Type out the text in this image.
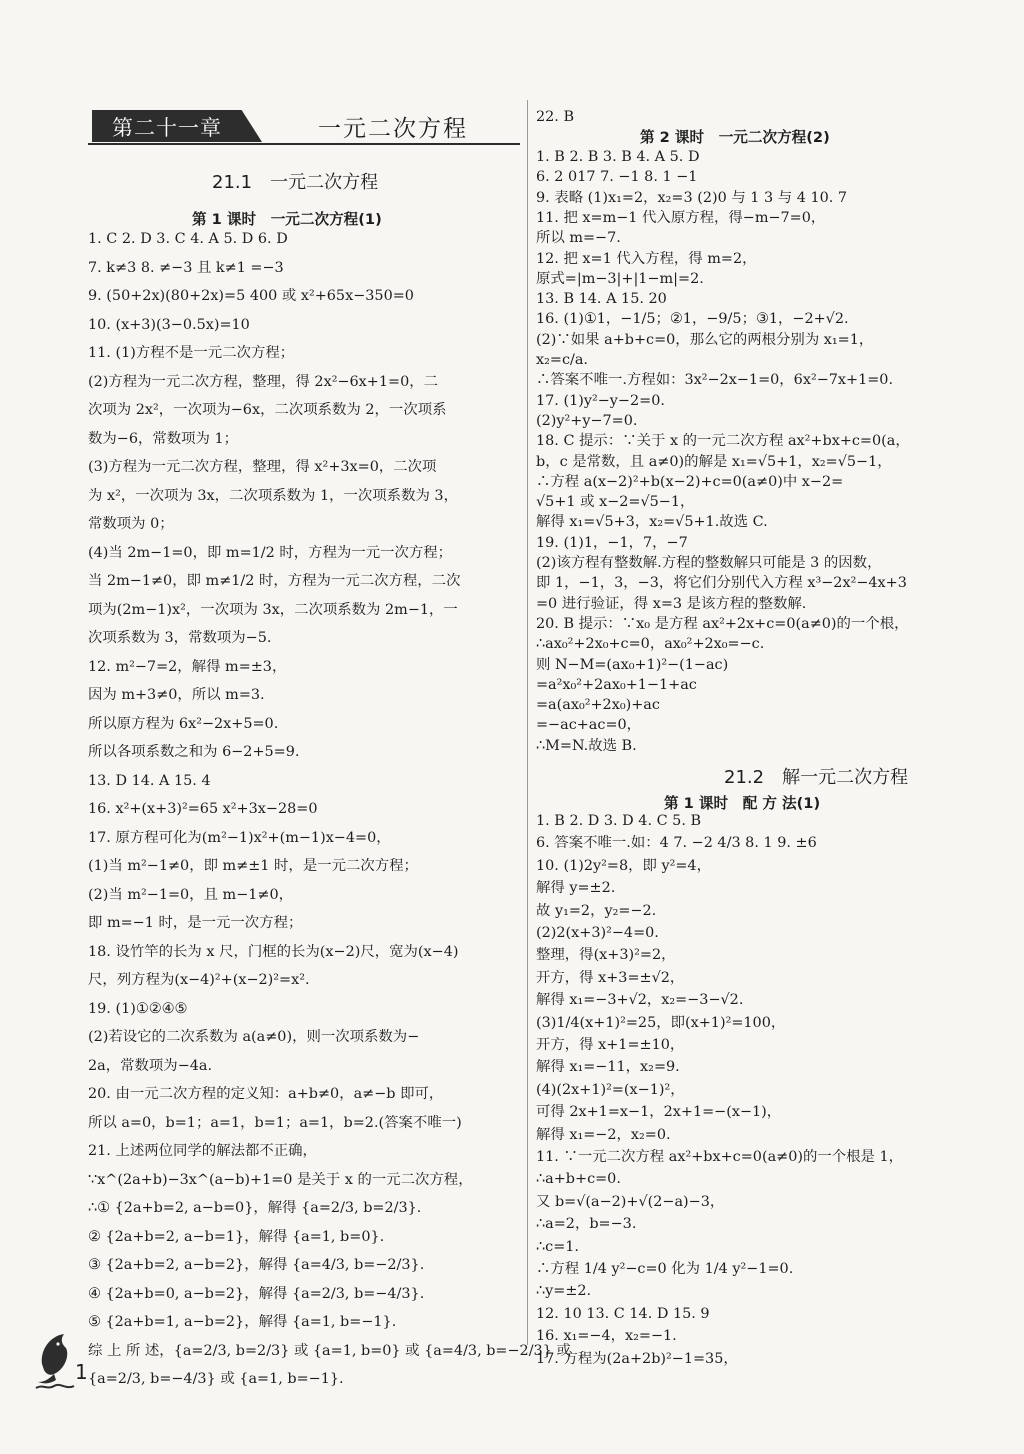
第二十一章	一元二次方程
21.1　一元二次方程
第 1 课时　一元二次方程(1)
1. C 2. D 3. C 4. A 5. D 6. D
7. k≠3 8. ≠−3 且 k≠1 =−3
9. (50+2x)(80+2x)=5 400 或 x²+65x−350=0
10. (x+3)(3−0.5x)=10
11. (1)方程不是一元二次方程；
(2)方程为一元二次方程，整理，得 2x²−6x+1=0，二
次项为 2x²，一次项为−6x，二次项系数为 2，一次项系
数为−6，常数项为 1；
(3)方程为一元二次方程，整理，得 x²+3x=0，二次项
为 x²，一次项为 3x，二次项系数为 1，一次项系数为 3，
常数项为 0；
(4)当 2m−1=0，即 m=1/2 时，方程为一元一次方程；
当 2m−1≠0，即 m≠1/2 时，方程为一元二次方程，二次
项为(2m−1)x²，一次项为 3x，二次项系数为 2m−1，一
次项系数为 3，常数项为−5.
12. m²−7=2，解得 m=±3，
因为 m+3≠0，所以 m=3.
所以原方程为 6x²−2x+5=0.
所以各项系数之和为 6−2+5=9.
13. D 14. A 15. 4
16. x²+(x+3)²=65 x²+3x−28=0
17. 原方程可化为(m²−1)x²+(m−1)x−4=0，
(1)当 m²−1≠0，即 m≠±1 时，是一元二次方程；
(2)当 m²−1=0，且 m−1≠0，
即 m=−1 时，是一元一次方程；
18. 设竹竿的长为 x 尺，门框的长为(x−2)尺，宽为(x−4)
尺，列方程为(x−4)²+(x−2)²=x².
19. (1)①②④⑤
(2)若设它的二次系数为 a(a≠0)，则一次项系数为−
2a，常数项为−4a.
20. 由一元二次方程的定义知：a+b≠0，a≠−b 即可，
所以 a=0，b=1；a=1，b=1；a=1，b=2.(答案不唯一)
21. 上述两位同学的解法都不正确，
∵x^(2a+b)−3x^(a−b)+1=0 是关于 x 的一元二次方程，
∴① {2a+b=2, a−b=0}，解得 {a=2/3, b=2/3}.
② {2a+b=2, a−b=1}，解得 {a=1, b=0}.
③ {2a+b=2, a−b=2}，解得 {a=4/3, b=−2/3}.
④ {2a+b=0, a−b=2}，解得 {a=2/3, b=−4/3}.
⑤ {2a+b=1, a−b=2}，解得 {a=1, b=−1}.
综 上 所 述，{a=2/3, b=2/3} 或 {a=1, b=0} 或 {a=4/3, b=−2/3} 或
{a=2/3, b=−4/3} 或 {a=1, b=−1}.
22. B
第 2 课时　一元二次方程(2)
1. B 2. B 3. B 4. A 5. D
6. 2 017 7. −1 8. 1 −1
9. 表略 (1)x₁=2，x₂=3 (2)0 与 1 3 与 4 10. 7
11. 把 x=m−1 代入原方程，得−m−7=0，
所以 m=−7.
12. 把 x=1 代入方程，得 m=2，
原式=|m−3|+|1−m|=2.
13. B 14. A 15. 20
16. (1)①1，−1/5；②1，−9/5；③1，−2+√2.
(2)∵如果 a+b+c=0，那么它的两根分别为 x₁=1，
x₂=c/a.
∴答案不唯一.方程如：3x²−2x−1=0，6x²−7x+1=0.
17. (1)y²−y−2=0.
(2)y²+y−7=0.
18. C 提示：∵关于 x 的一元二次方程 ax²+bx+c=0(a，
b，c 是常数，且 a≠0)的解是 x₁=√5+1，x₂=√5−1，
∴方程 a(x−2)²+b(x−2)+c=0(a≠0)中 x−2=
√5+1 或 x−2=√5−1，
解得 x₁=√5+3，x₂=√5+1.故选 C.
19. (1)1，−1，7，−7
(2)该方程有整数解.方程的整数解只可能是 3 的因数，
即 1，−1，3，−3，将它们分别代入方程 x³−2x²−4x+3
=0 进行验证，得 x=3 是该方程的整数解.
20. B 提示：∵x₀ 是方程 ax²+2x+c=0(a≠0)的一个根，
∴ax₀²+2x₀+c=0，ax₀²+2x₀=−c.
则 N−M=(ax₀+1)²−(1−ac)
=a²x₀²+2ax₀+1−1+ac
=a(ax₀²+2x₀)+ac
=−ac+ac=0，
∴M=N.故选 B.
21.2　解一元二次方程
第 1 课时　配 方 法(1)
1. B 2. D 3. D 4. C 5. B
6. 答案不唯一.如：4 7. −2 4/3 8. 1 9. ±6
10. (1)2y²=8，即 y²=4，
解得 y=±2.
故 y₁=2，y₂=−2.
(2)2(x+3)²−4=0.
整理，得(x+3)²=2，
开方，得 x+3=±√2，
解得 x₁=−3+√2，x₂=−3−√2.
(3)1/4(x+1)²=25，即(x+1)²=100，
开方，得 x+1=±10，
解得 x₁=−11，x₂=9.
(4)(2x+1)²=(x−1)²，
可得 2x+1=x−1，2x+1=−(x−1)，
解得 x₁=−2，x₂=0.
11. ∵一元二次方程 ax²+bx+c=0(a≠0)的一个根是 1，
∴a+b+c=0.
又 b=√(a−2)+√(2−a)−3，
∴a=2，b=−3.
∴c=1.
∴方程 1/4 y²−c=0 化为 1/4 y²−1=0.
∴y=±2.
12. 10 13. C 14. D 15. 9
16. x₁=−4，x₂=−1.
17. 方程为(2a+2b)²−1=35，
1
